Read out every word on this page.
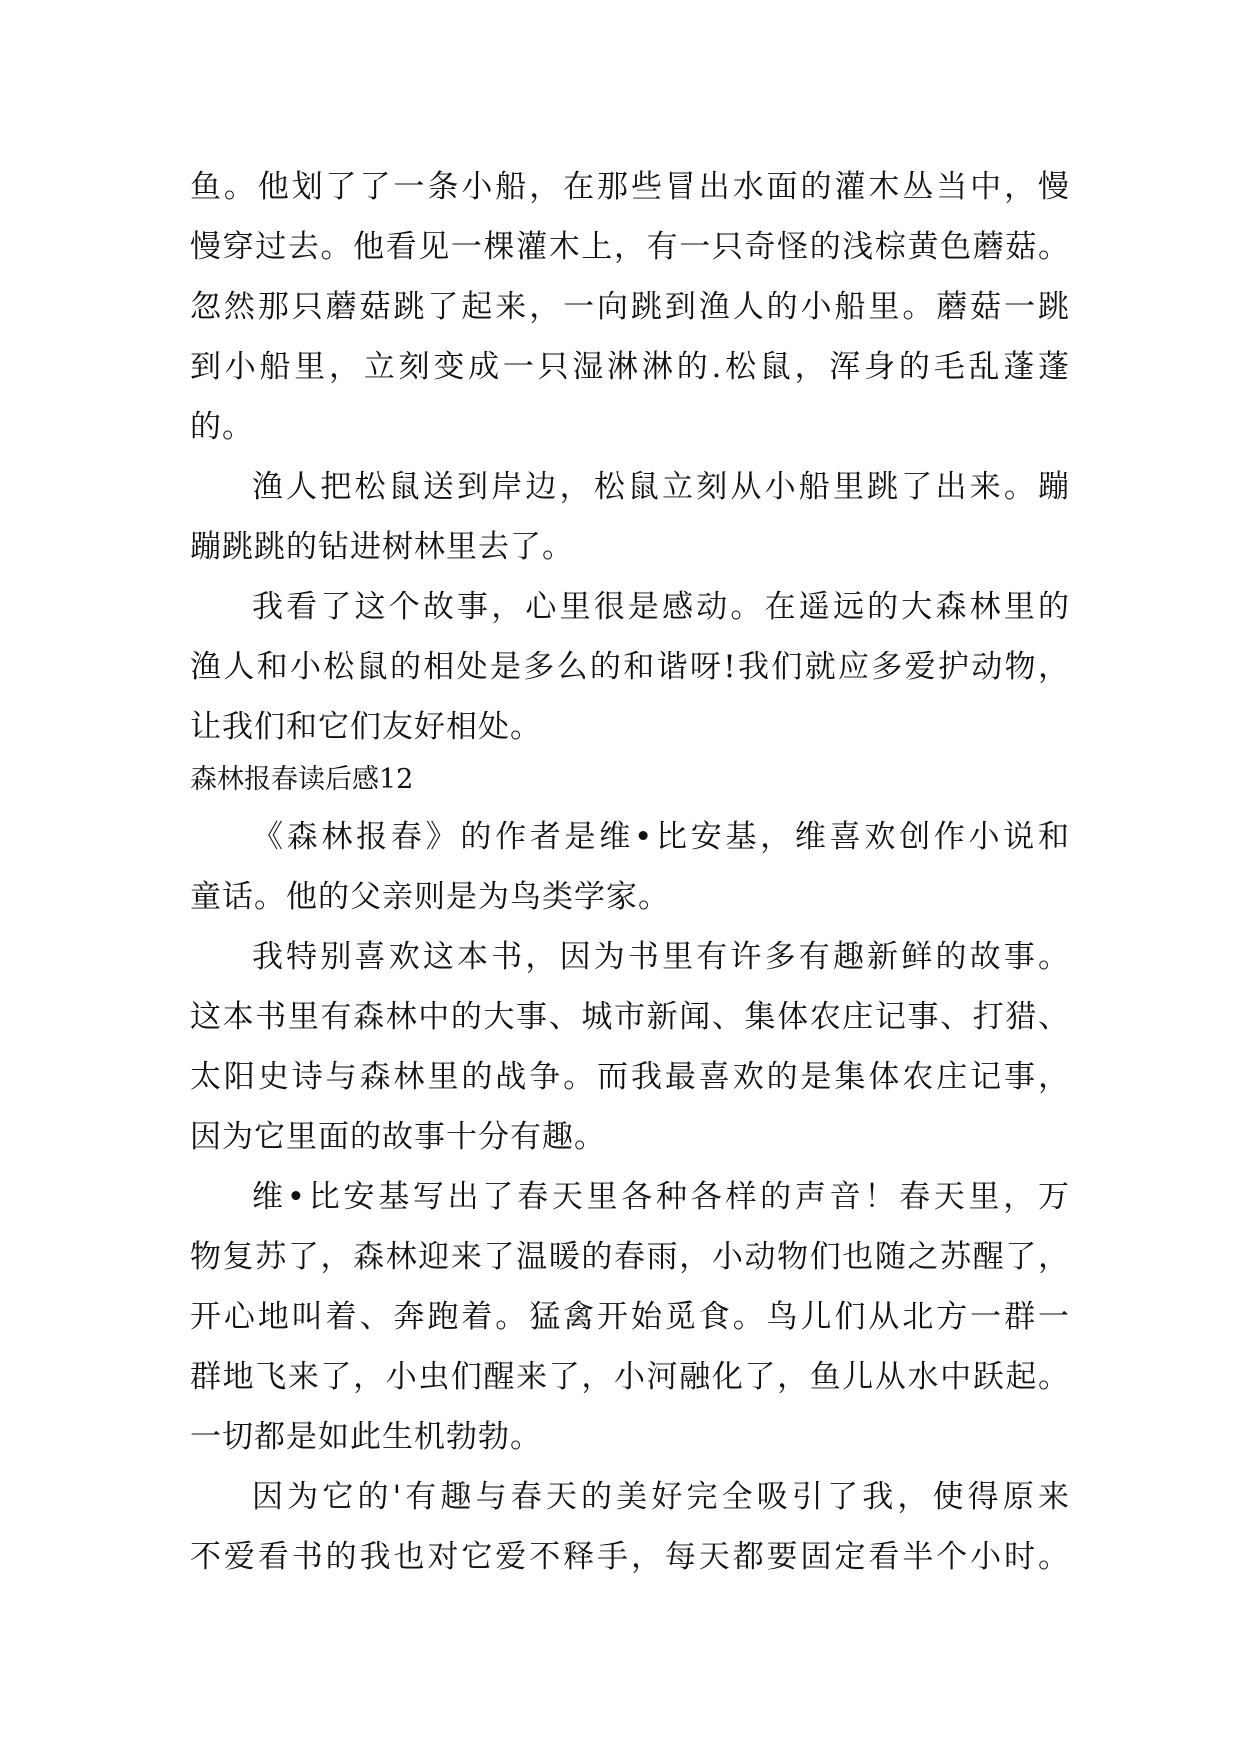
鱼。他划了了一条小船，在那些冒出水面的灌木丛当中，慢
慢穿过去。他看见一棵灌木上，有一只奇怪的浅棕黄色蘑菇。
忽然那只蘑菇跳了起来，一向跳到渔人的小船里。蘑菇一跳
到小船里，立刻变成一只湿淋淋的.松鼠，浑身的毛乱蓬蓬
的。
渔人把松鼠送到岸边，松鼠立刻从小船里跳了出来。蹦
蹦跳跳的钻进树林里去了。
我看了这个故事，心里很是感动。在遥远的大森林里的
渔人和小松鼠的相处是多么的和谐呀!我们就应多爱护动物，
让我们和它们友好相处。
森林报春读后感12
《森林报春》的作者是维•比安基，维喜欢创作小说和
童话。他的父亲则是为鸟类学家。
我特别喜欢这本书，因为书里有许多有趣新鲜的故事。
这本书里有森林中的大事、城市新闻、集体农庄记事、打猎、
太阳史诗与森林里的战争。而我最喜欢的是集体农庄记事，
因为它里面的故事十分有趣。
维•比安基写出了春天里各种各样的声音！春天里，万
物复苏了，森林迎来了温暖的春雨，小动物们也随之苏醒了，
开心地叫着、奔跑着。猛禽开始觅食。鸟儿们从北方一群一
群地飞来了，小虫们醒来了，小河融化了，鱼儿从水中跃起。
一切都是如此生机勃勃。
因为它的'有趣与春天的美好完全吸引了我，使得原来
不爱看书的我也对它爱不释手，每天都要固定看半个小时。
